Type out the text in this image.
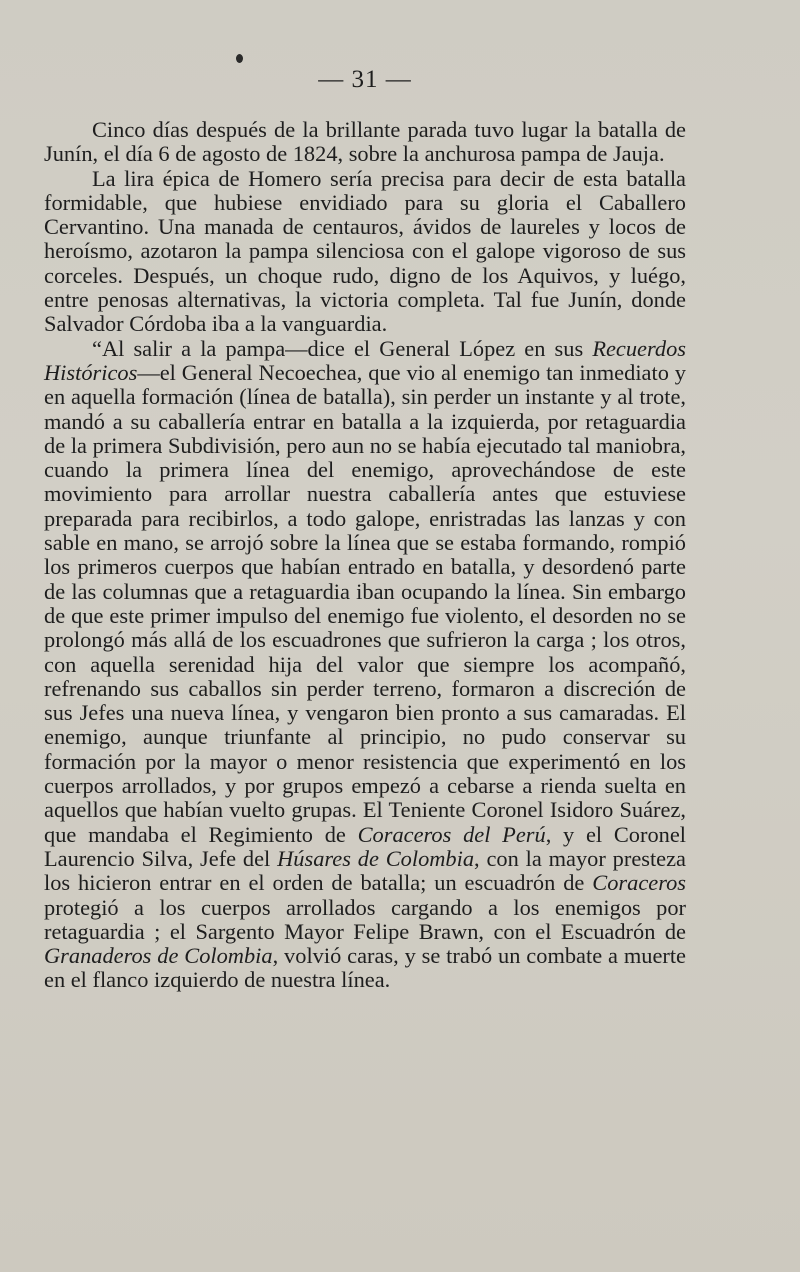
— 31 —

Cinco días después de la brillante parada tuvo lugar la batalla de Junín, el día 6 de agosto de 1824, sobre la anchurosa pampa de Jauja.

La lira épica de Homero sería precisa para decir de esta batalla formidable, que hubiese envidiado para su gloria el Caballero Cervantino. Una manada de centauros, ávidos de laureles y locos de heroísmo, azotaron la pampa silenciosa con el galope vigoroso de sus corceles. Después, un choque rudo, digno de los Aquivos, y luégo, entre penosas alternativas, la victoria completa. Tal fue Junín, donde Salvador Córdoba iba a la vanguardia.

“Al salir a la pampa—dice el General López en sus Recuerdos Históricos—el General Necoechea, que vio al enemigo tan inmediato y en aquella formación (línea de batalla), sin perder un instante y al trote, mandó a su caballería entrar en batalla a la izquierda, por retaguardia de la primera Subdivisión, pero aun no se había ejecutado tal maniobra, cuando la primera línea del enemigo, aprovechándose de este movimiento para arrollar nuestra caballería antes que estuviese preparada para recibirlos, a todo galope, enristradas las lanzas y con sable en mano, se arrojó sobre la línea que se estaba formando, rompió los primeros cuerpos que habían entrado en batalla, y desordenó parte de las columnas que a retaguardia iban ocupando la línea. Sin embargo de que este primer impulso del enemigo fue violento, el desorden no se prolongó más allá de los escuadrones que sufrieron la carga ; los otros, con aquella serenidad hija del valor que siempre los acompañó, refrenando sus caballos sin perder terreno, formaron a discreción de sus Jefes una nueva línea, y vengaron bien pronto a sus camaradas. El enemigo, aunque triunfante al principio, no pudo conservar su formación por la mayor o menor resistencia que experimentó en los cuerpos arrollados, y por grupos empezó a cebarse a rienda suelta en aquellos que habían vuelto grupas. El Teniente Coronel Isidoro Suárez, que mandaba el Regimiento de Coraceros del Perú, y el Coronel Laurencio Silva, Jefe del Húsares de Colombia, con la mayor presteza los hicieron entrar en el orden de batalla; un escuadrón de Coraceros protegió a los cuerpos arrollados cargando a los enemigos por retaguardia ; el Sargento Mayor Felipe Brawn, con el Escuadrón de Granaderos de Colombia, volvió caras, y se trabó un combate a muerte en el flanco izquierdo de nuestra línea.
